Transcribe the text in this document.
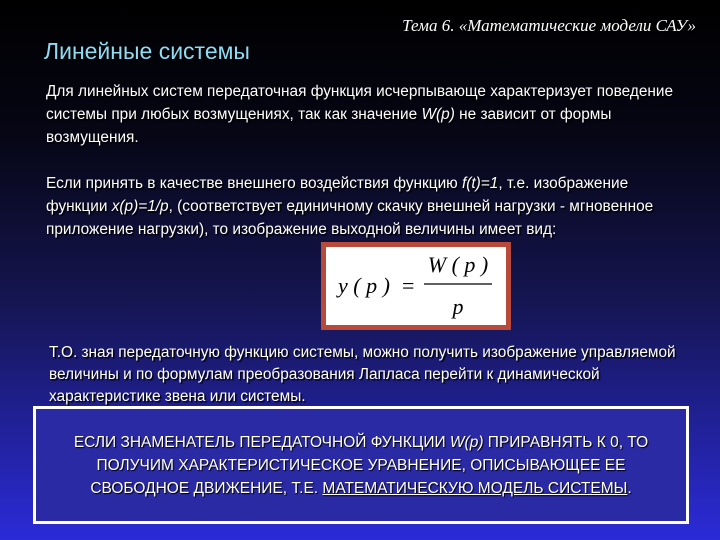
Тема 6. «Математические модели САУ»
Линейные системы
Для линейных систем передаточная функция исчерпывающе характеризует поведение системы при любых возмущениях, так как значение W(p) не зависит от формы возмущения.
Если принять в качестве внешнего воздействия функцию f(t)=1, т.е. изображение функции x(p)=1/p, (соответствует единичному скачку внешней нагрузки - мгновенное приложение нагрузки), то изображение выходной величины имеет вид:
y ( p ) =
W ( p )
p
Т.О. зная передаточную функцию системы, можно получить изображение управляемой величины и по формулам преобразования Лапласа перейти к динамической характеристике звена или системы.
ЕСЛИ ЗНАМЕНАТЕЛЬ ПЕРЕДАТОЧНОЙ ФУНКЦИИ W(p) ПРИРАВНЯТЬ К 0, ТО ПОЛУЧИМ ХАРАКТЕРИСТИЧЕСКОЕ УРАВНЕНИЕ, ОПИСЫВАЮЩЕЕ ЕЕ СВОБОДНОЕ ДВИЖЕНИЕ, Т.Е. МАТЕМАТИЧЕСКУЮ МОДЕЛЬ СИСТЕМЫ.
